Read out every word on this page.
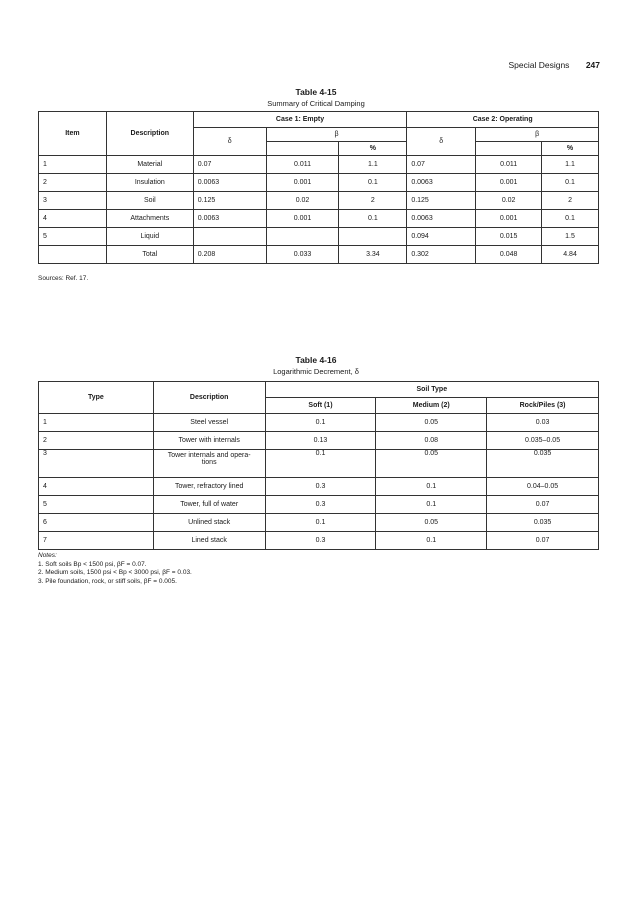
Special Designs 247
Table 4-15
Summary of Critical Damping
Item	Description	Case 1: Empty			Case 2: Operating		
		δ	β		δ	β	
				%			%
1	Material	0.07	0.011	1.1	0.07	0.011	1.1
2	Insulation	0.0063	0.001	0.1	0.0063	0.001	0.1
3	Soil	0.125	0.02	2	0.125	0.02	2
4	Attachments	0.0063	0.001	0.1	0.0063	0.001	0.1
5	Liquid				0.094	0.015	1.5
	Total	0.208	0.033	3.34	0.302	0.048	4.84
Sources: Ref. 17.
Table 4-16
Logarithmic Decrement, δ
Type	Description	Soil Type		
		Soft (1)	Medium (2)	Rock/Piles (3)
1	Steel vessel	0.1	0.05	0.03
2	Tower with internals	0.13	0.08	0.035–0.05
3	Tower internals and opera-tions	0.1	0.05	0.035
4	Tower, refractory lined	0.3	0.1	0.04–0.05
5	Tower, full of water	0.3	0.1	0.07
6	Unlined stack	0.1	0.05	0.035
7	Lined stack	0.3	0.1	0.07
Notes:
1. Soft soils Bp < 1500 psi, βF = 0.07.
2. Medium soils, 1500 psi < Bp < 3000 psi, βF = 0.03.
3. Pile foundation, rock, or stiff soils, βF = 0.005.
